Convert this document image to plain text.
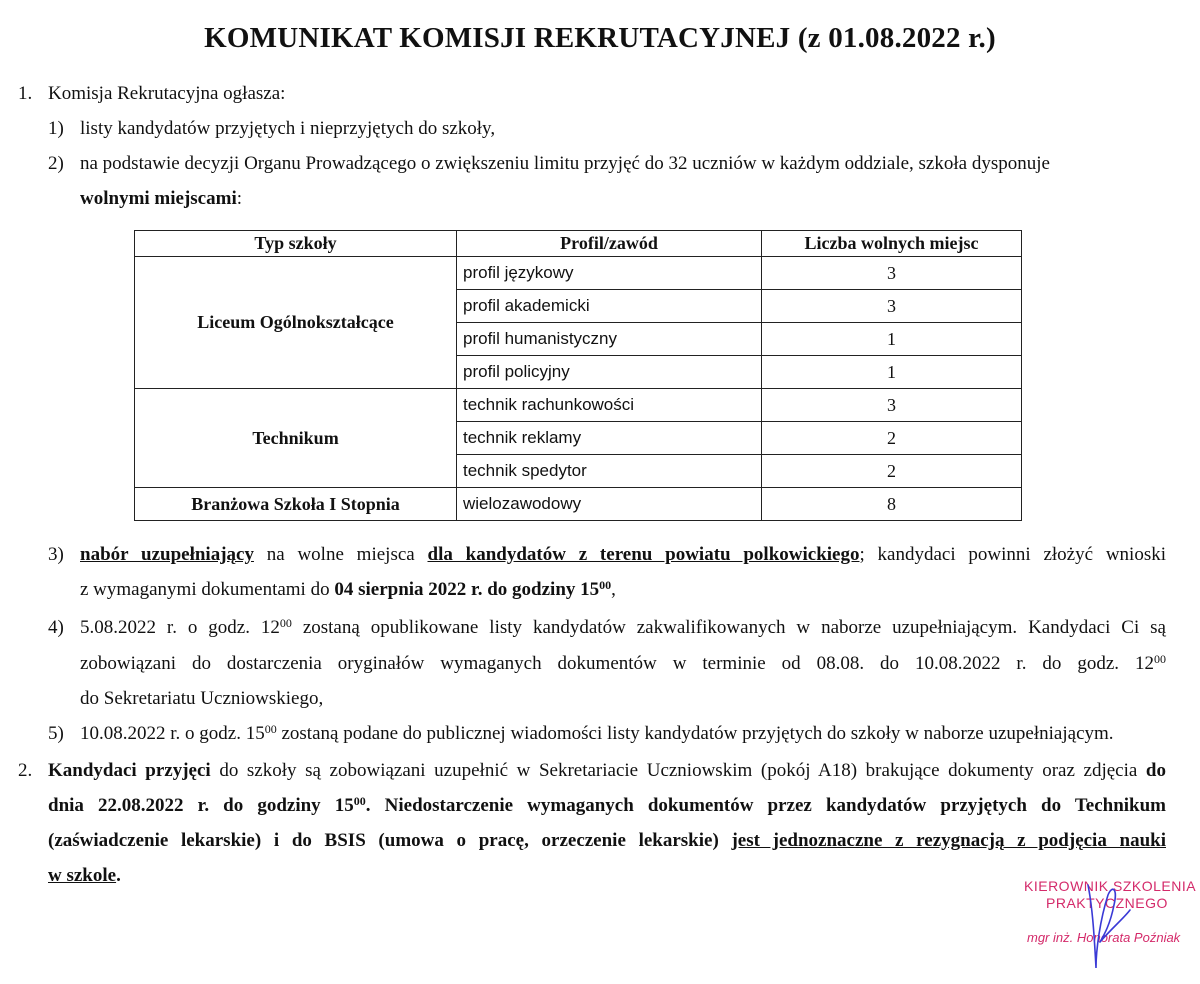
KOMUNIKAT KOMISJI REKRUTACYJNEJ (z 01.08.2022 r.)
1. Komisja Rekrutacyjna ogłasza:
1) listy kandydatów przyjętych i nieprzyjętych do szkoły,
2) na podstawie decyzji Organu Prowadzącego o zwiększeniu limitu przyjęć do 32 uczniów w każdym oddziale, szkoła dysponuje
wolnymi miejscami:
Typ szkoły	Profil/zawód	Liczba wolnych miejsc
Liceum Ogólnokształcące	profil językowy	3
	profil akademicki	3
	profil humanistyczny	1
	profil policyjny	1
Technikum	technik rachunkowości	3
	technik reklamy	2
	technik spedytor	2
Branżowa Szkoła I Stopnia	wielozawodowy	8
3) nabór uzupełniający na wolne miejsca dla kandydatów z terenu powiatu polkowickiego; kandydaci powinni złożyć wnioski
z wymaganymi dokumentami do 04 sierpnia 2022 r. do godziny $15^{00}$,
4) 5.08.2022 r. o godz. $12^{00}$ zostaną opublikowane listy kandydatów zakwalifikowanych w naborze uzupełniającym. Kandydaci Ci są
zobowiązani do dostarczenia oryginałów wymaganych dokumentów w terminie od 08.08. do 10.08.2022 r. do godz. $12^{00}$
do Sekretariatu Uczniowskiego,
5) 10.08.2022 r. o godz. $15^{00}$ zostaną podane do publicznej wiadomości listy kandydatów przyjętych do szkoły w naborze uzupełniającym.
2. Kandydaci przyjęci do szkoły są zobowiązani uzupełnić w Sekretariacie Uczniowskim (pokój A18) brakujące dokumenty oraz zdjęcia do
dnia 22.08.2022 r. do godziny $15^{00}$. Niedostarczenie wymaganych dokumentów przez kandydatów przyjętych do Technikum
(zaświadczenie lekarskie) i do BSIS (umowa o pracę, orzeczenie lekarskie) jest jednoznaczne z rezygnacją z podjęcia nauki
w szkole.	KIEROWNIK SZKOLENIA
PRAKTYCZNEGO
mgr inż. Honorata Poźniak
